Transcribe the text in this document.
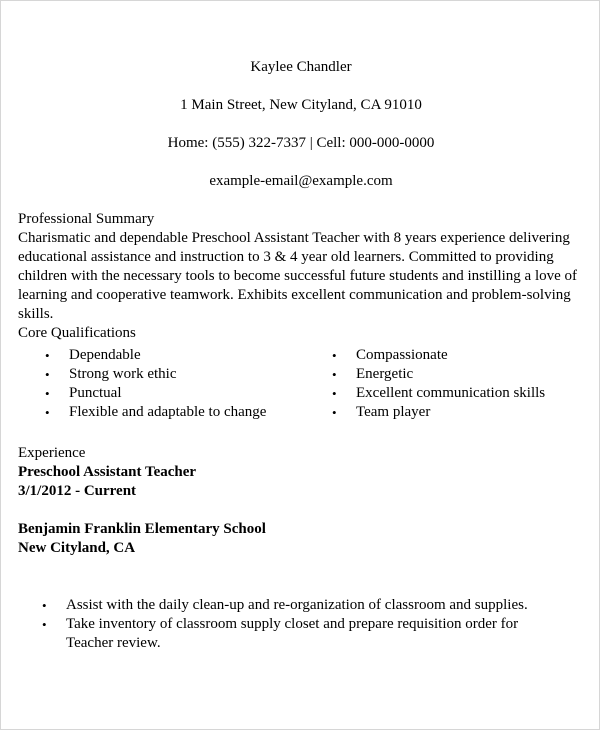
Kaylee Chandler
1 Main Street, New Cityland, CA 91010
Home: (555) 322-7337 | Cell: 000-000-0000
example-email@example.com
Professional Summary
Charismatic and dependable Preschool Assistant Teacher with 8 years experience delivering educational assistance and instruction to 3 & 4 year old learners. Committed to providing children with the necessary tools to become successful future students and instilling a love of learning and cooperative teamwork. Exhibits excellent communication and problem-solving skills.
Core Qualifications
• Dependable
• Strong work ethic
• Punctual
• Flexible and adaptable to change
• Compassionate
• Energetic
• Excellent communication skills
• Team player
Experience
Preschool Assistant Teacher
3/1/2012 - Current
Benjamin Franklin Elementary School
New Cityland, CA
• Assist with the daily clean-up and re-organization of classroom and supplies.
• Take inventory of classroom supply closet and prepare requisition order for Teacher review.
